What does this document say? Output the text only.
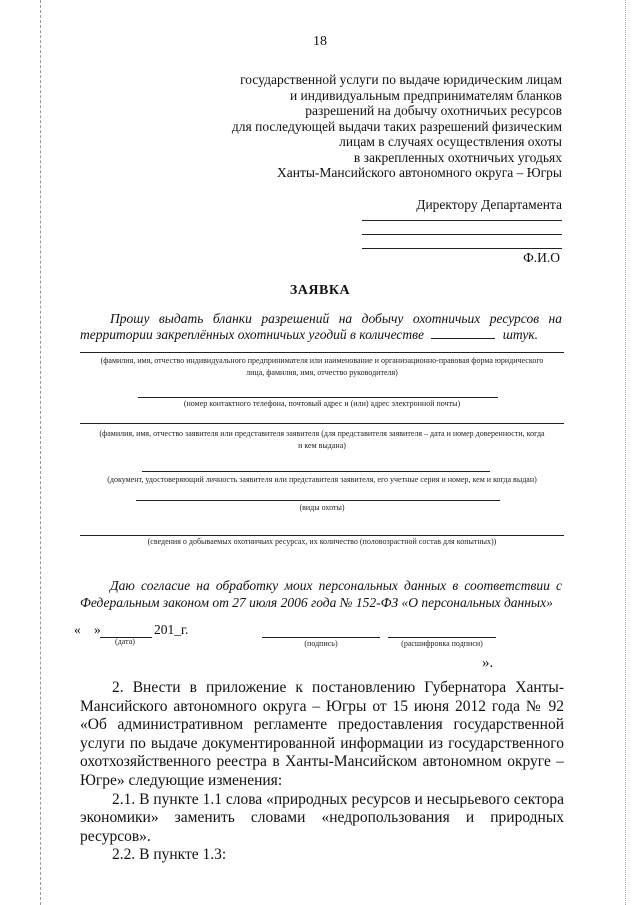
18
государственной услуги по выдаче юридическим лицам
и индивидуальным предпринимателям бланков
разрешений на добычу охотничьих ресурсов
для последующей выдачи таких разрешений физическим
лицам в случаях осуществления охоты
в закрепленных охотничьих угодьях
Ханты-Мансийского автономного округа – Югры
Директору Департамента
Ф.И.О
ЗАЯВКА
Прошу выдать бланки разрешений на добычу охотничьих ресурсов на
территории закреплённых охотничьих угодий в количестве	штук.
(фамилия, имя, отчество индивидуального предпринимателя или наименование и организационно-правовая форма юридического
лица, фамилия, имя, отчество руководителя)
(номер контактного телефона, почтовый адрес и (или) адрес электронной почты)
(фамилия, имя, отчество заявителя или представителя заявителя (для представителя заявителя – дата и номер доверенности, когда
и кем выдана)
(документ, удостоверяющий личность заявителя или представителя заявителя, его учетные серия и номер, кем и когда выдан)
(виды охоты)
(сведения о добываемых охотничьих ресурсах, их количество (половозрастной состав для копытных))
Даю согласие на обработку моих персональных данных в соответствии с
Федеральным законом от 27 июля 2006 года № 152-ФЗ «О персональных данных»
« »	201_г.
(дата)	(подпись)	(расшифровка подписи)
».

2. Внести в приложение к постановлению Губернатора Ханты-Мансийского автономного округа – Югры от 15 июня 2012 года № 92 «Об административном регламенте предоставления государственной услуги по выдаче документированной информации из государственного охотхозяйственного реестра в Ханты-Мансийском автономном округе – Югре» следующие изменения:

2.1. В пункте 1.1 слова «природных ресурсов и несырьевого сектора экономики» заменить словами «недропользования и природных ресурсов».

2.2. В пункте 1.3:
